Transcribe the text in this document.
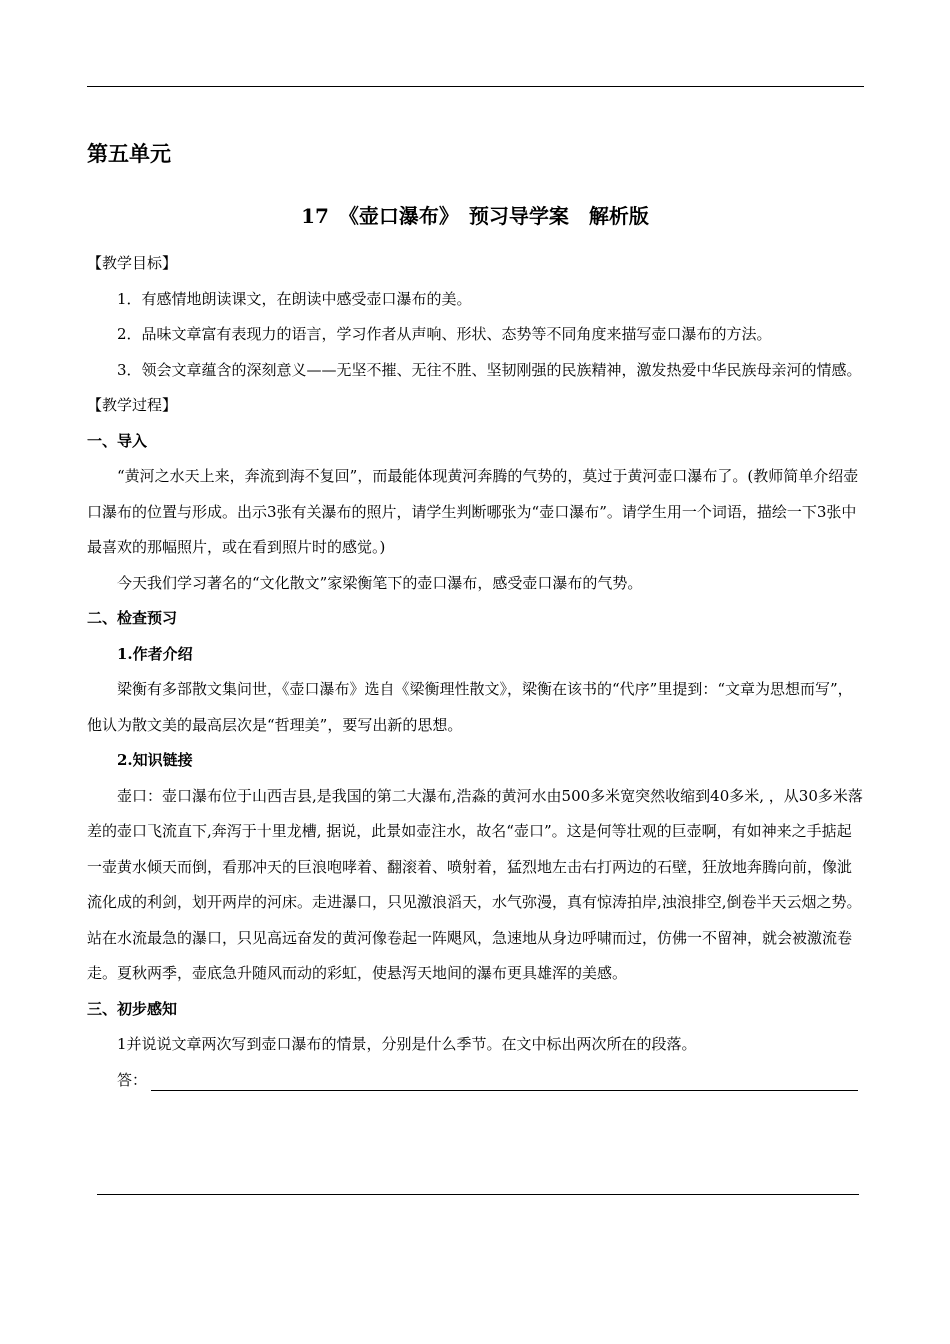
第五单元
17　《壶口瀑布》　预习导学案　解析版

【教学目标】

1．有感情地朗读课文，在朗读中感受壶口瀑布的美。

2．品味文章富有表现力的语言，学习作者从声响、形状、态势等不同角度来描写壶口瀑布的方法。

3．领会文章蕴含的深刻意义——无坚不摧、无往不胜、坚韧刚强的民族精神，激发热爱中华民族母亲河的情感。

【教学过程】

一、导入

“黄河之水天上来，奔流到海不复回”，而最能体现黄河奔腾的气势的，莫过于黄河壶口瀑布了。(教师简单介绍壶口瀑布的位置与形成。出示3张有关瀑布的照片，请学生判断哪张为“壶口瀑布”。请学生用一个词语，描绘一下3张中最喜欢的那幅照片，或在看到照片时的感觉。)

今天我们学习著名的“文化散文”家梁衡笔下的壶口瀑布，感受壶口瀑布的气势。

二、检查预习

1.作者介绍

梁衡有多部散文集问世，《壶口瀑布》选自《梁衡理性散文》，梁衡在该书的“代序”里提到：“文章为思想而写”，他认为散文美的最高层次是“哲理美”，要写出新的思想。

2.知识链接

壶口：壶口瀑布位于山西吉县,是我国的第二大瀑布,浩淼的黄河水由500多米宽突然收缩到40多米, ，从30多米落差的壶口飞流直下,奔泻于十里龙槽, 据说，此景如壶注水，故名“壶口”。这是何等壮观的巨壶啊，有如神来之手掂起一壶黄水倾天而倒，看那冲天的巨浪咆哮着、翻滚着、喷射着，猛烈地左击右打两边的石壁，狂放地奔腾向前，像泚流化成的利剑，划开两岸的河床。走进瀑口，只见激浪滔天，水气弥漫，真有惊涛拍岸,浊浪排空,倒卷半天云烟之势。站在水流最急的瀑口，只见高远奋发的黄河像卷起一阵飓风，急速地从身边呼啸而过，仿佛一不留神，就会被激流卷走。夏秋两季，壶底急升随风而动的彩虹，使悬泻天地间的瀑布更具雄浑的美感。

三、初步感知

1并说说文章两次写到壶口瀑布的情景，分别是什么季节。在文中标出两次所在的段落。

答：
